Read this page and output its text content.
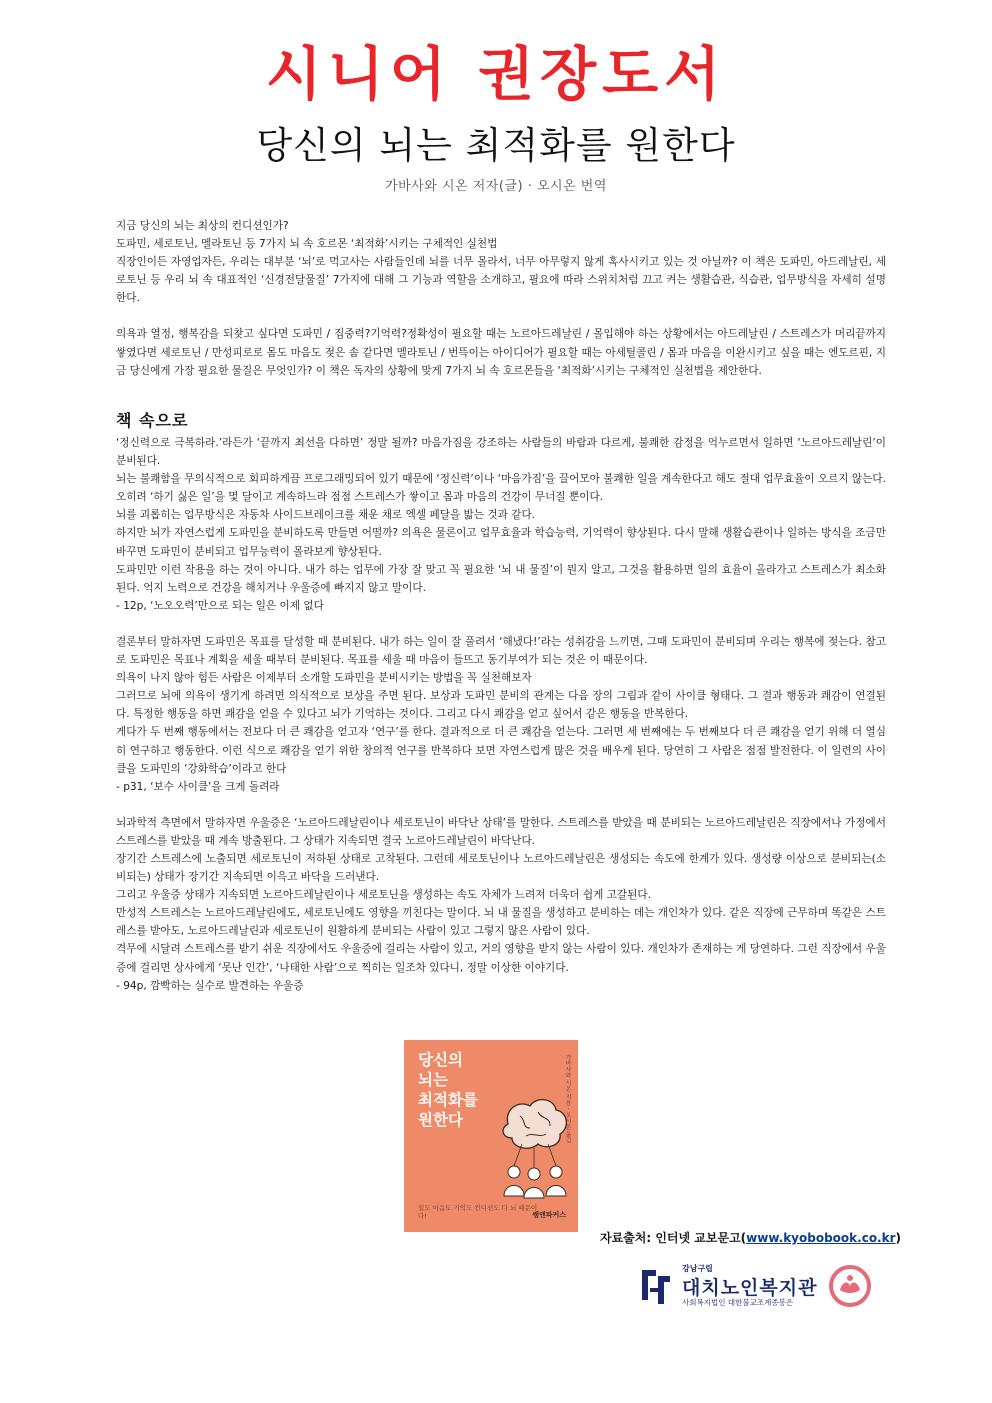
시니어 권장도서
당신의 뇌는 최적화를 원한다
가바사와 시온 저자(글) · 오시온 번역

지금 당신의 뇌는 최상의 컨디션인가?

도파민, 세로토닌, 멜라토닌 등 7가지 뇌 속 호르몬 ‘최적화’시키는 구체적인 실천법

직장인이든 자영업자든, 우리는 대부분 ‘뇌’로 먹고사는 사람들인데 뇌를 너무 몰라서, 너무 아무렇지 않게 혹사시키고 있는 것 아닐까? 이 책은 도파민, 아드레날린, 세로토닌 등 우리 뇌 속 대표적인 ‘신경전달물질’ 7가지에 대해 그 기능과 역할을 소개하고, 필요에 따라 스위치처럼 끄고 켜는 생활습관, 식습관, 업무방식을 자세히 설명한다.

의욕과 열정, 행복감을 되찾고 싶다면 도파민 / 집중력?기억력?정확성이 필요할 때는 노르아드레날린 / 몰입해야 하는 상황에서는 아드레날린 / 스트레스가 머리끝까지 쌓였다면 세로토닌 / 만성피로로 몸도 마음도 젖은 솜 같다면 멜라토닌 / 번뜩이는 아이디어가 필요할 때는 아세틸콜린 / 몸과 마음을 이완시키고 싶을 때는 엔도르핀, 지금 당신에게 가장 필요한 물질은 무엇인가? 이 책은 독자의 상황에 맞게 7가지 뇌 속 호르몬들을 ‘최적화’시키는 구체적인 실천법을 제안한다.

책 속으로

‘정신력으로 극복하라.’라든가 ‘끝까지 최선을 다하면’ 정말 될까? 마음가짐을 강조하는 사람들의 바람과 다르게, 불쾌한 감정을 억누르면서 일하면 ‘노르아드레날린’이 분비된다.

뇌는 불쾌함을 무의식적으로 회피하게끔 프로그래밍되어 있기 때문에 ‘정신력’이나 ‘마음가짐’을 끌어모아 불쾌한 일을 계속한다고 해도 절대 업무효율이 오르지 않는다. 오히려 ‘하기 싫은 일’을 몇 달이고 계속하느라 점점 스트레스가 쌓이고 몸과 마음의 건강이 무너질 뿐이다.

뇌를 괴롭히는 업무방식은 자동차 사이드브레이크를 채운 채로 엑셀 페달을 밟는 것과 같다.

하지만 뇌가 자연스럽게 도파민을 분비하도록 만들면 어떨까? 의욕은 물론이고 업무효율과 학습능력, 기억력이 향상된다. 다시 말해 생활습관이나 일하는 방식을 조금만 바꾸면 도파민이 분비되고 업무능력이 몰라보게 향상된다.

도파민만 이런 작용을 하는 것이 아니다. 내가 하는 업무에 가장 잘 맞고 꼭 필요한 ‘뇌 내 물질’이 뭔지 알고, 그것을 활용하면 일의 효율이 올라가고 스트레스가 최소화된다. 억지 노력으로 건강을 해치거나 우울증에 빠지지 않고 말이다.

- 12p, ‘노오오력’만으로 되는 일은 이제 없다

결론부터 말하자면 도파민은 목표를 달성할 때 분비된다. 내가 하는 일이 잘 풀려서 ‘해냈다!’라는 성취감을 느끼면, 그때 도파민이 분비되며 우리는 행복에 젖는다. 참고로 도파민은 목표나 계획을 세울 때부터 분비된다. 목표를 세울 때 마음이 들뜨고 동기부여가 되는 것은 이 때문이다.

의욕이 나지 않아 힘든 사람은 이제부터 소개할 도파민을 분비시키는 방법을 꼭 실천해보자

그러므로 뇌에 의욕이 생기게 하려면 의식적으로 보상을 주면 된다. 보상과 도파민 분비의 관계는 다음 장의 그림과 같이 사이클 형태다. 그 결과 행동과 쾌감이 연결된다. 특정한 행동을 하면 쾌감을 얻을 수 있다고 뇌가 기억하는 것이다. 그리고 다시 쾌감을 얻고 싶어서 같은 행동을 반복한다.

게다가 두 번째 행동에서는 전보다 더 큰 쾌감을 얻고자 ‘연구’를 한다. 결과적으로 더 큰 쾌감을 얻는다. 그러면 세 번째에는 두 번째보다 더 큰 쾌감을 얻기 위해 더 열심히 연구하고 행동한다. 이런 식으로 쾌감을 얻기 위한 창의적 연구를 반복하다 보면 자연스럽게 많은 것을 배우게 된다. 당연히 그 사람은 점점 발전한다. 이 일련의 사이클을 도파민의 ‘강화학습’이라고 한다

- p31, ‘보수 사이클’을 크게 돌려라

뇌과학적 측면에서 말하자면 우울증은 ‘노르아드레날린이나 세로토닌이 바닥난 상태’를 말한다. 스트레스를 받았을 때 분비되는 노르아드레날린은 직장에서나 가정에서 스트레스를 받았을 때 계속 방출된다. 그 상태가 지속되면 결국 노르아드레날린이 바닥난다.

장기간 스트레스에 노출되면 세로토닌이 저하된 상태로 고착된다. 그런데 세로토닌이나 노르아드레날린은 생성되는 속도에 한계가 있다. 생성량 이상으로 분비되는(소비되는) 상태가 장기간 지속되면 이윽고 바닥을 드러낸다.

그리고 우울증 상태가 지속되면 노르아드레날린이나 세로토닌을 생성하는 속도 자체가 느려져 더욱더 쉽게 고갈된다.

만성적 스트레스는 노르아드레날린에도, 세로토닌에도 영향을 끼친다는 말이다. 뇌 내 물질을 생성하고 분비하는 데는 개인차가 있다. 같은 직장에 근무하며 똑같은 스트레스를 받아도, 노르아드레날린과 세로토닌이 원활하게 분비되는 사람이 있고 그렇지 않은 사람이 있다.

격무에 시달려 스트레스를 받기 쉬운 직장에서도 우울증에 걸리는 사람이 있고, 거의 영향을 받지 않는 사람이 있다. 개인차가 존재하는 게 당연하다. 그런 직장에서 우울증에 걸리면 상사에게 ‘못난 인간’, ‘나태한 사람’으로 찍히는 일조차 있다니, 정말 이상한 이야기다.

- 94p, 깜빡하는 실수로 발견하는 우울증

당신의
뇌는
최적화를
원한다	가바사와 시온 지음 · 오시온 옮김
일도 마음도 기억도 컨디션도 다 뇌 때문이다!	쌤앤파커스
자료출처: 인터넷 교보문고(www.kyobobook.co.kr)
강남구립
대치노인복지관
사회복지법인 대한불교조계종봉은
